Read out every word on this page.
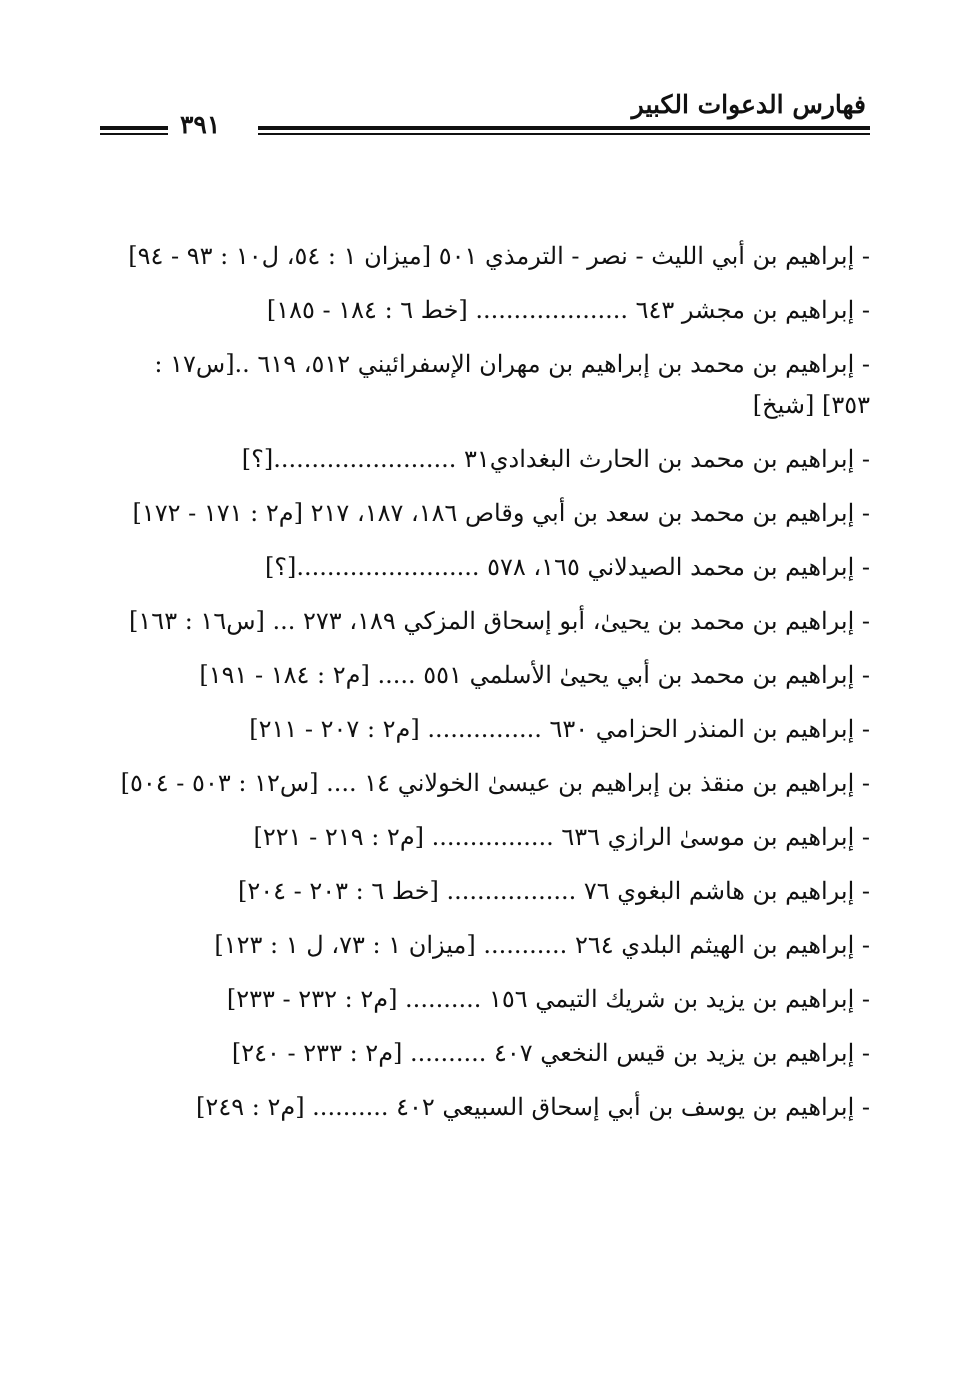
فهارس الدعوات الكبير
٣٩١

- إبراهيم بن أبي الليث - نصر - الترمذي ٥٠١ [ميزان ١ : ٥٤، ل١٠ : ٩٣ - ٩٤]

- إبراهيم بن مجشر ٦٤٣ .................... [خط ٦ : ١٨٤ - ١٨٥]

- إبراهيم بن محمد بن إبراهيم بن مهران الإسفرائيني ٥١٢، ٦١٩ ..[س١٧ : ٣٥٣] [شيخ]

- إبراهيم بن محمد بن الحارث البغدادي٣١ ........................[؟]

- إبراهيم بن محمد بن سعد بن أبي وقاص ١٨٦، ١٨٧، ٢١٧ [م٢ : ١٧١ - ١٧٢]

- إبراهيم بن محمد الصيدلاني ١٦٥، ٥٧٨ ........................[؟]

- إبراهيم بن محمد بن يحيىٰ، أبو إسحاق المزكي ١٨٩، ٢٧٣ ... [س١٦ : ١٦٣]

- إبراهيم بن محمد بن أبي يحيىٰ الأسلمي ٥٥١ ..... [م٢ : ١٨٤ - ١٩١]

- إبراهيم بن المنذر الحزامي ٦٣٠ ............... [م٢ : ٢٠٧ - ٢١١]

- إبراهيم بن منقذ بن إبراهيم بن عيسىٰ الخولاني ١٤ .... [س١٢ : ٥٠٣ - ٥٠٤]

- إبراهيم بن موسىٰ الرازي ٦٣٦ ................ [م٢ : ٢١٩ - ٢٢١]

- إبراهيم بن هاشم البغوي ٧٦ ................. [خط ٦ : ٢٠٣ - ٢٠٤]

- إبراهيم بن الهيثم البلدي ٢٦٤ ........... [ميزان ١ : ٧٣، ل ١ : ١٢٣]

- إبراهيم بن يزيد بن شريك التيمي ١٥٦ .......... [م٢ : ٢٣٢ - ٢٣٣]

- إبراهيم بن يزيد بن قيس النخعي ٤٠٧ .......... [م٢ : ٢٣٣ - ٢٤٠]

- إبراهيم بن يوسف بن أبي إسحاق السبيعي ٤٠٢ .......... [م٢ : ٢٤٩]
